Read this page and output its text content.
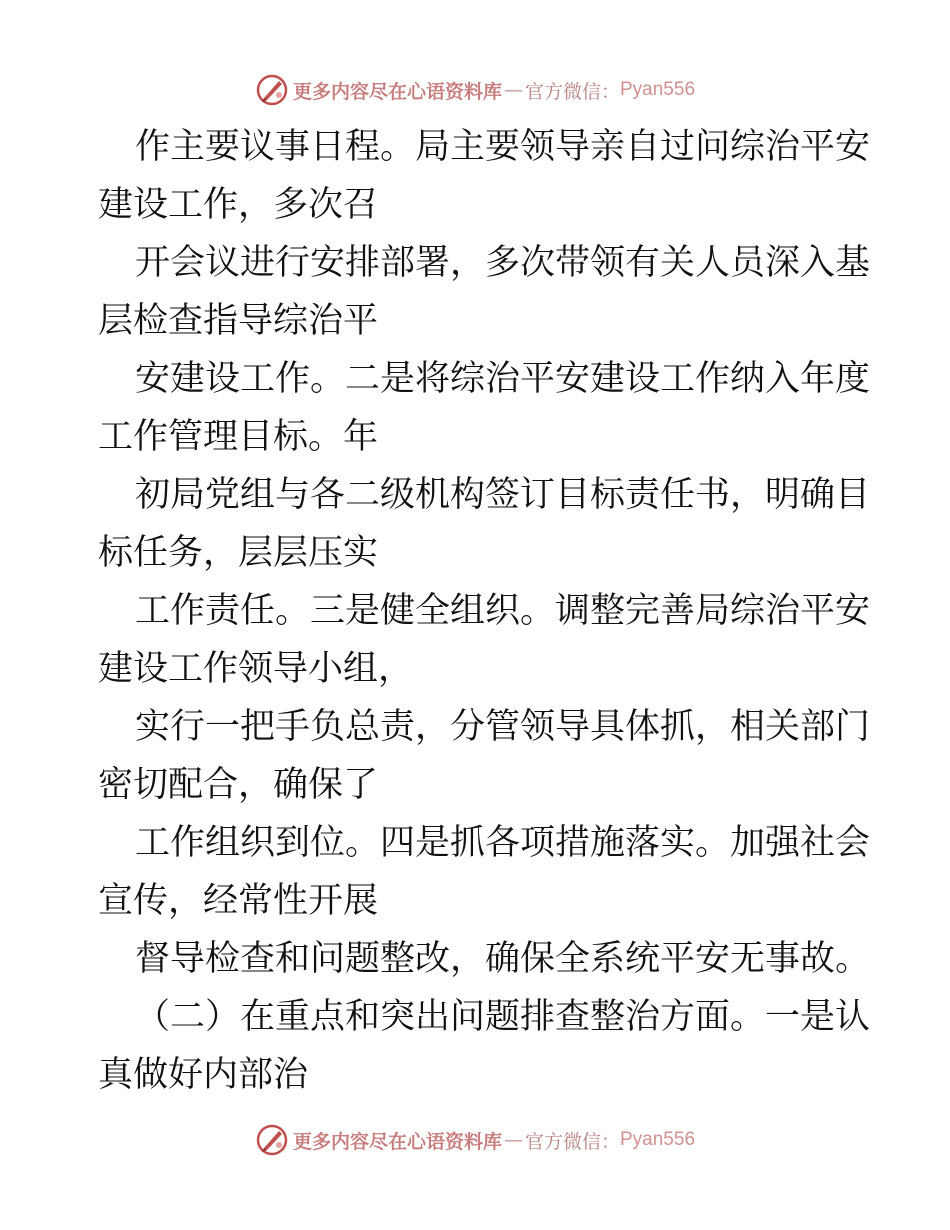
更多内容尽在心语资料库 — 官方微信： Pyan556
作主要议事日程。局主要领导亲自过问综治平安
建设工作，多次召
开会议进行安排部署，多次带领有关人员深入基
层检查指导综治平
安建设工作。二是将综治平安建设工作纳入年度
工作管理目标。年
初局党组与各二级机构签订目标责任书，明确目
标任务，层层压实
工作责任。三是健全组织。调整完善局综治平安
建设工作领导小组，
实行一把手负总责，分管领导具体抓，相关部门
密切配合，确保了
工作组织到位。四是抓各项措施落实。加强社会
宣传，经常性开展
督导检查和问题整改，确保全系统平安无事故。
（二）在重点和突出问题排查整治方面。一是认
真做好内部治
更多内容尽在心语资料库 — 官方微信： Pyan556
